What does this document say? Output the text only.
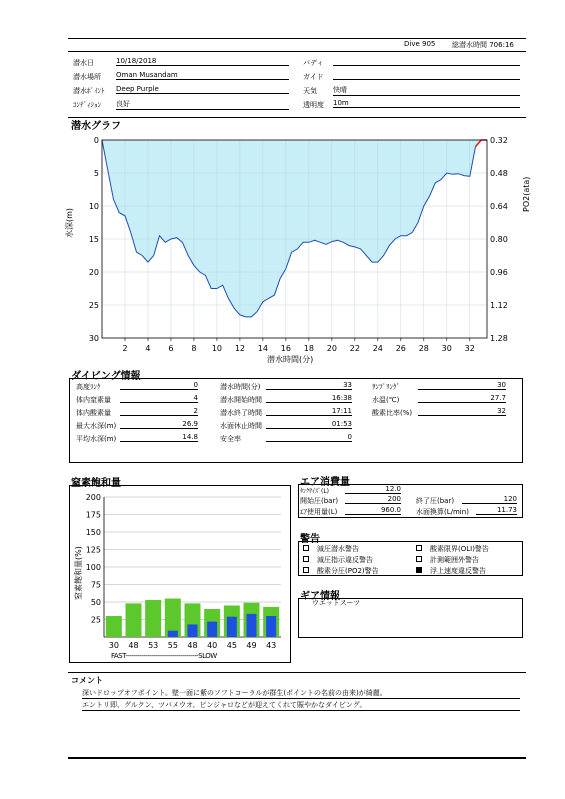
Dive 905 総潜水時間 706:16
潜水日	10/18/2018
潜水場所 Oman Musandam
潜水ﾎﾟｲﾝﾄ Deep Purple
ｺﾝﾃﾞｨｼｮﾝ 良好
バディ
ガイド
天気 快晴
透明度 10m
潜水グラフ
水深(m)
PO2(ata)
潜水時間(分)
2 4 6 8 10 12 14 16 18 20 22 24 26 28 30 32
0
5
10
15
20
25
30
0.32
0.48
0.64
0.80
0.96
1.12
1.28
ダイビング情報
高度ﾗﾝｸ	0
体内窒素量	4
体内酸素量	2
最大水深(m)	26.9
平均水深(m)	14.8
潜水時間(分)	33
潜水開始時間	16:38
潜水終了時間	17:11
水面休止時間	01:53
安全率	0
ｻﾝﾌﾟﾘﾝｸﾞ	30
水温(℃)	27.7
酸素比率(%)	32
窒素飽和量
窒素飽和量(%)
25
50
75
100
125
150
175
200
30 48 53 55 48 40 45 49 43
FAST------------------------------------SLOW
エア消費量
ﾀﾝｸｻｲｽﾞ(L)	12.0
開始圧(bar)	200 終了圧(bar)	120
ｴｱ使用量(L)	960.0 水面換算(L/min)	11.73
警告
減圧潜水警告
減圧指示違反警告
酸素分圧(PO2)警告
酸素限界(OLI)警告
計測範囲外警告
浮上速度違反警告
ギア情報
ウエットスーツ
コメント
深いドロップオフポイント。壁一面に紫のソフトコーラルが群生(ポイントの名前の由来)が綺麗。
エントリ即、グルクン、ツバメウオ、ピンジャロなどが迎えてくれて賑やかなダイビング。
